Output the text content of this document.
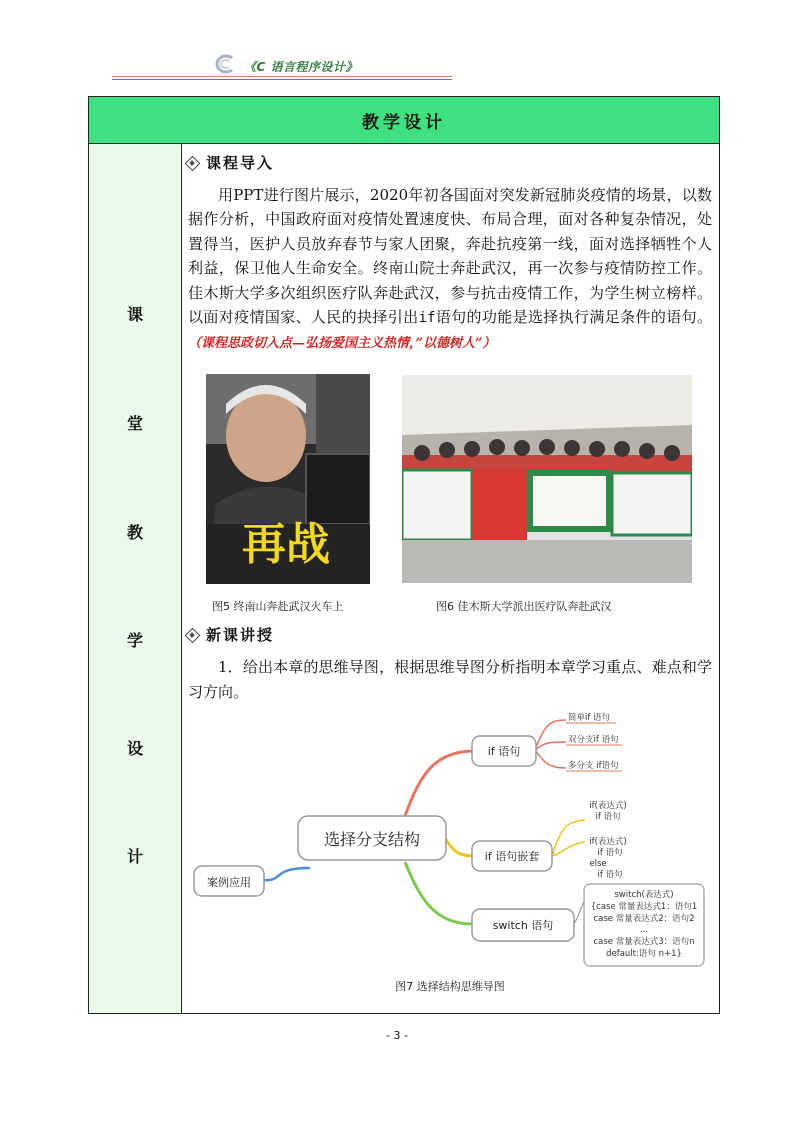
《C 语言程序设计》
教学设计
课
堂
教
学
设
计
课程导入
用PPT进行图片展示，2020年初各国面对突发新冠肺炎疫情的场景，以数据作分析，中国政府面对疫情处置速度快、布局合理，面对各种复杂情况，处置得当，医护人员放弃春节与家人团聚，奔赴抗疫第一线，面对选择牺牲个人利益，保卫他人生命安全。终南山院士奔赴武汉，再一次参与疫情防控工作。佳木斯大学多次组织医疗队奔赴武汉，参与抗击疫情工作，为学生树立榜样。以面对疫情国家、人民的抉择引出if语句的功能是选择执行满足条件的语句。（课程思政切入点—弘扬爱国主义热情，”以德树人”）
再战
图5 终南山奔赴武汉火车上	图6 佳木斯大学派出医疗队奔赴武汉
新课讲授
1．给出本章的思维导图，根据思维导图分析指明本章学习重点、难点和学习方向。
案例应用
选择分支结构
if 语句
if 语句嵌套
switch 语句
简单if 语句
双分支if 语句
多分支 if语句
if(表达式)
if 语句
if(表达式)
if 语句
else
if 语句
switch(表达式)
{case 常量表达式1：语句1
case 常量表达式2：语句2
...
case 常量表达式3：语句n
default:语句 n+1}
图7 选择结构思维导图
- 3 -
